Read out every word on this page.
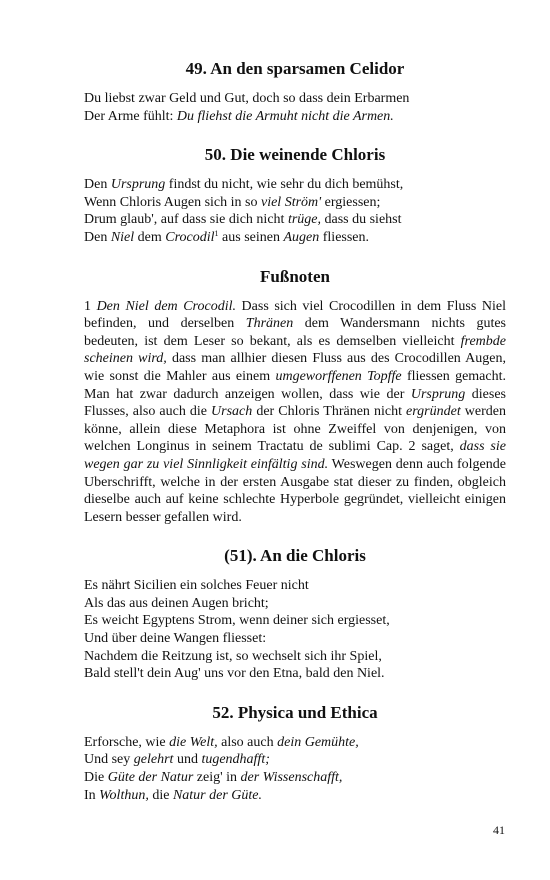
49. An den sparsamen Celidor
Du liebst zwar Geld und Gut, doch so dass dein Erbarmen
Der Arme fühlt: Du fliehst die Armuht nicht die Armen.
50. Die weinende Chloris
Den Ursprung findst du nicht, wie sehr du dich bemühst,
Wenn Chloris Augen sich in so viel Ström' ergiessen;
Drum glaub', auf dass sie dich nicht trüge, dass du siehst
Den Niel dem Crocodil$^1$ aus seinen Augen fliessen.
Fußnoten
1 Den Niel dem Crocodil. Dass sich viel Crocodillen in dem Fluss Niel befinden, und derselben Thränen dem Wandersmann nichts gutes bedeuten, ist dem Leser so bekant, als es demselben vielleicht frembde scheinen wird, dass man allhier diesen Fluss aus des Crocodillen Augen, wie sonst die Mahler aus einem umgeworffenen Topffe fliessen gemacht. Man hat zwar dadurch anzeigen wollen, dass wie der Ursprung dieses Flusses, also auch die Ursach der Chloris Thränen nicht ergründet werden könne, allein diese Metaphora ist ohne Zweiffel von denjenigen, von welchen Longinus in seinem Tractatu de sublimi Cap. 2 saget, dass sie wegen gar zu viel Sinnligkeit einfältig sind. Weswegen denn auch folgende Uberschrifft, welche in der ersten Ausgabe stat dieser zu finden, obgleich dieselbe auch auf keine schlechte Hyperbole gegründet, vielleicht einigen Lesern besser gefallen wird.
(51). An die Chloris
Es nährt Sicilien ein solches Feuer nicht
Als das aus deinen Augen bricht;
Es weicht Egyptens Strom, wenn deiner sich ergiesset,
Und über deine Wangen fliesset:
Nachdem die Reitzung ist, so wechselt sich ihr Spiel,
Bald stell't dein Aug' uns vor den Etna, bald den Niel.
52. Physica und Ethica
Erforsche, wie die Welt, also auch dein Gemühte,
Und sey gelehrt und tugendhafft;
Die Güte der Natur zeig' in der Wissenschafft,
In Wolthun, die Natur der Güte.
41
